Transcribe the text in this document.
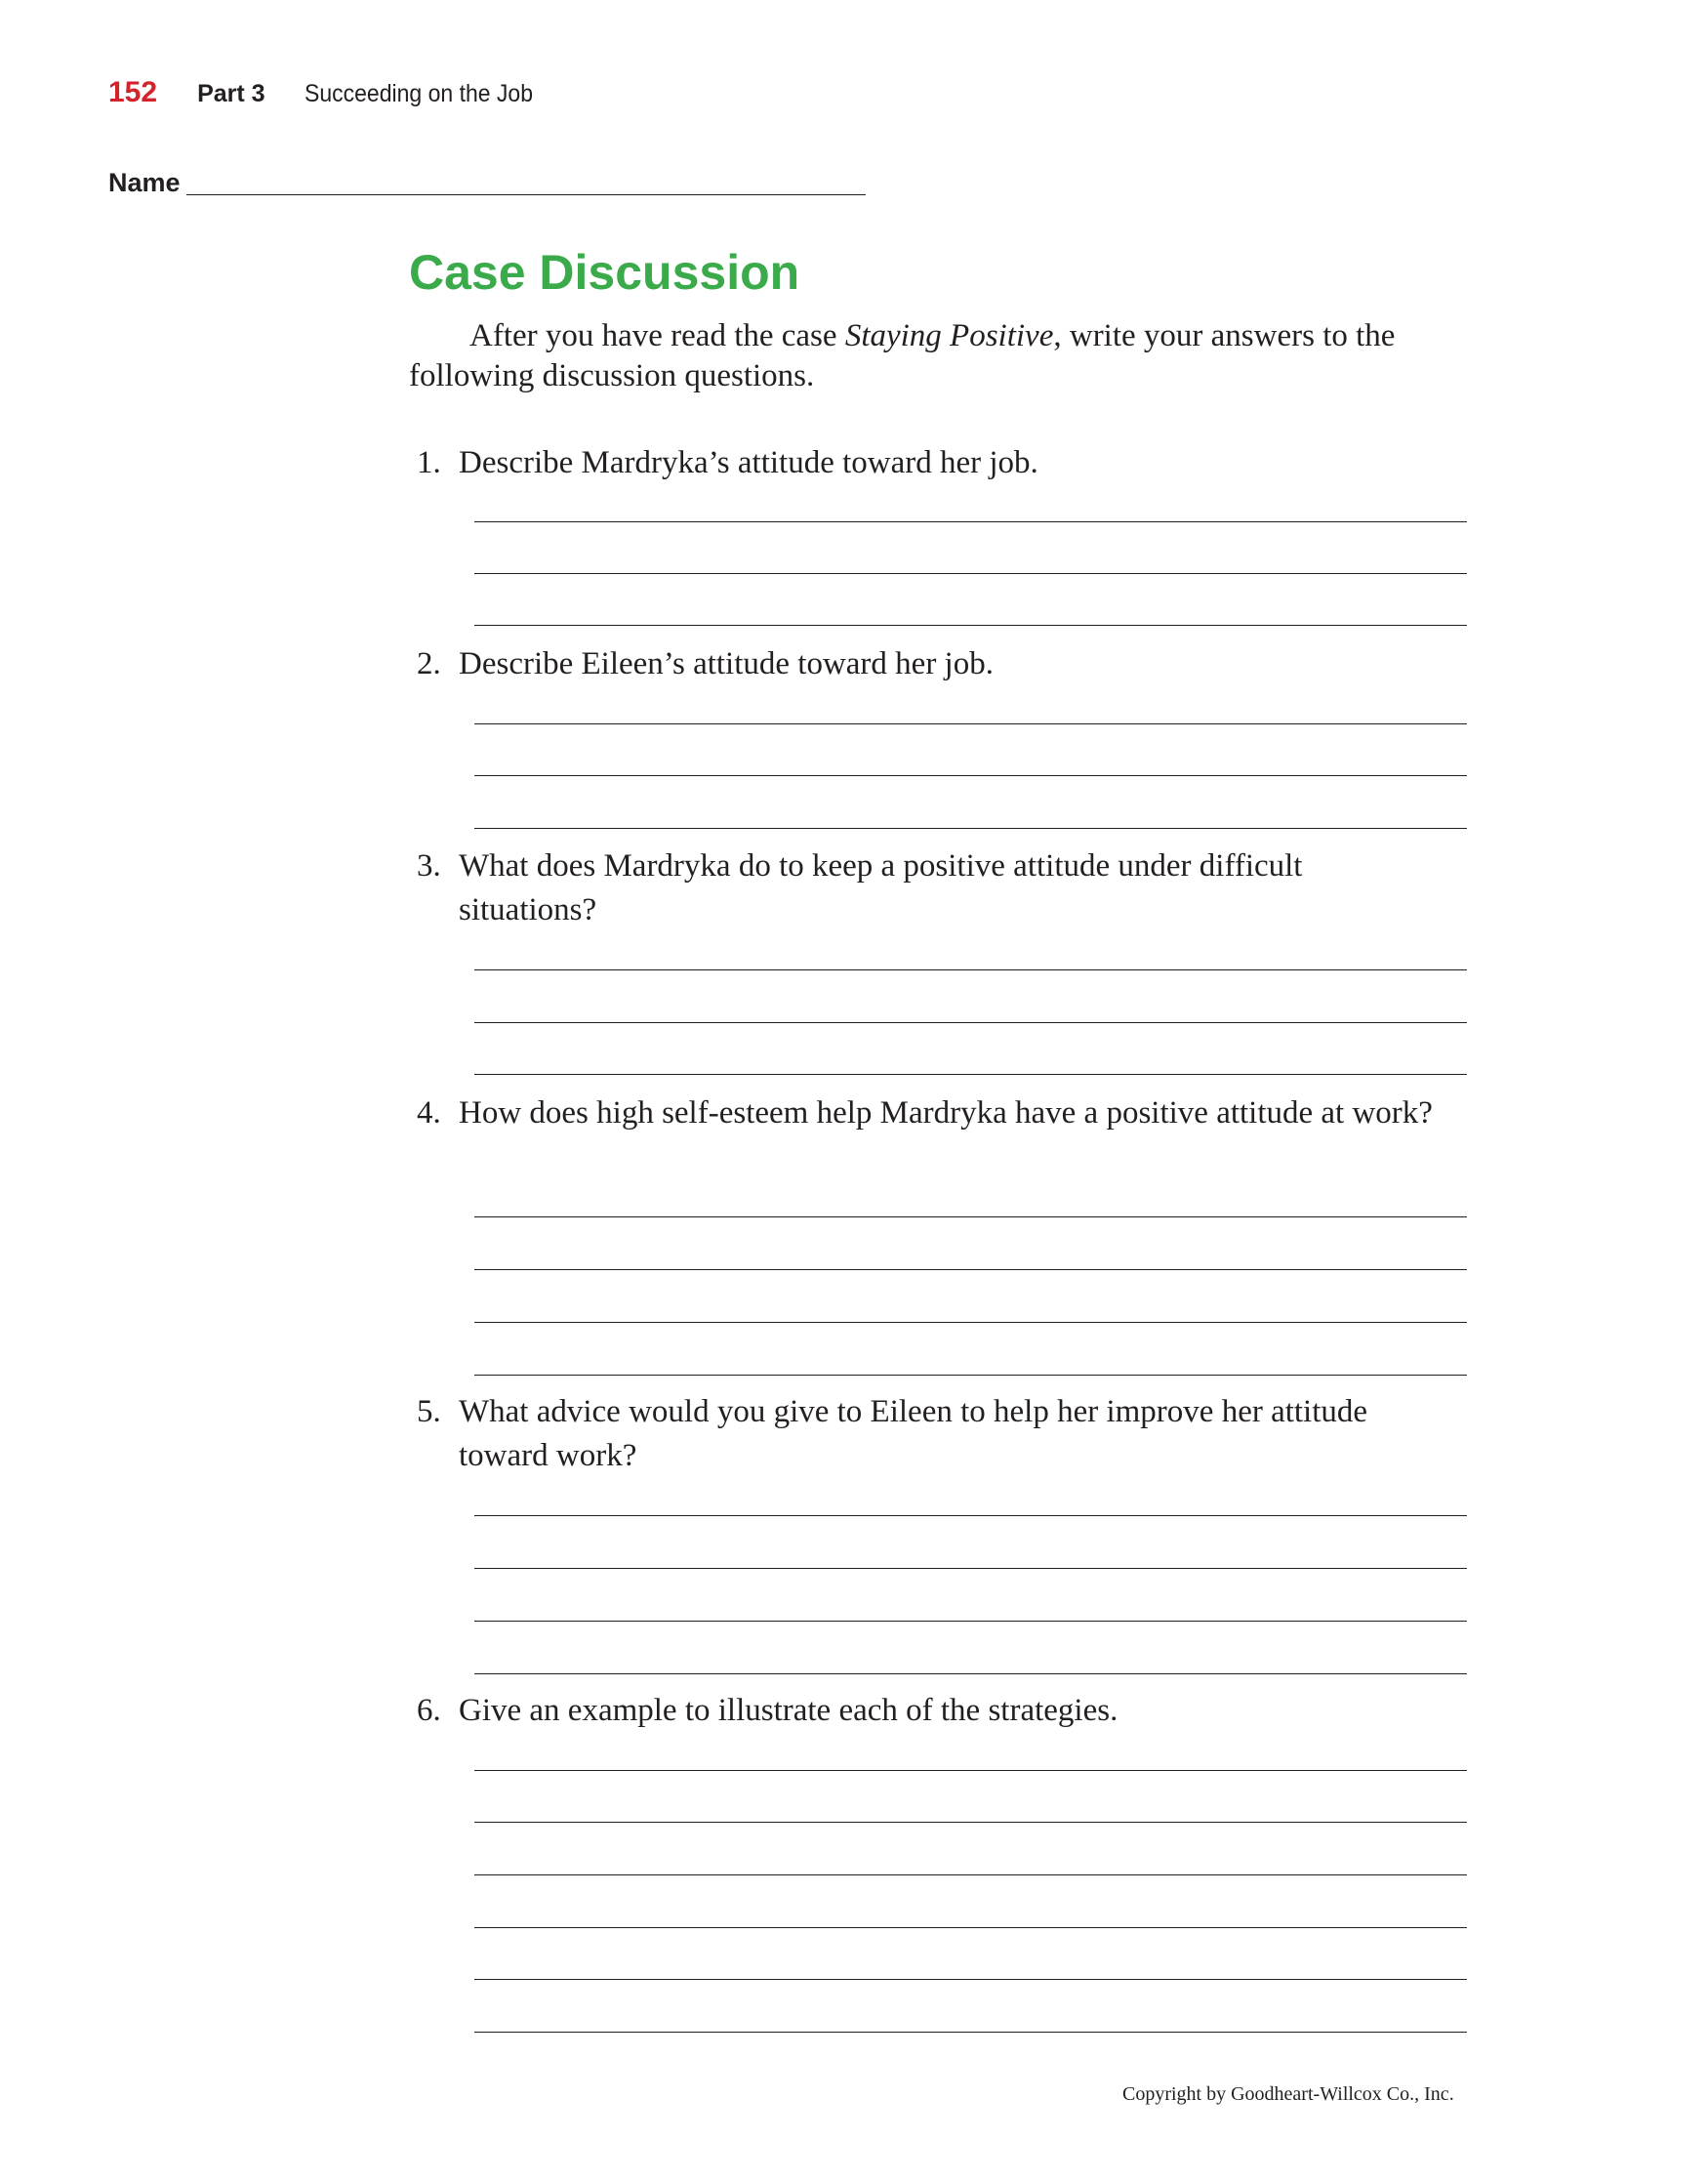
152 Part 3 Succeeding on the Job
Name
Case Discussion

After you have read the case Staying Positive, write your answers to the following discussion questions.

1. Describe Mardryka’s attitude toward her job.
2. Describe Eileen’s attitude toward her job.
3. What does Mardryka do to keep a positive attitude under difficult situations?
4. How does high self-esteem help Mardryka have a positive attitude at work?
5. What advice would you give to Eileen to help her improve her attitude toward work?
6. Give an example to illustrate each of the strategies.
Copyright by Goodheart-Willcox Co., Inc.
